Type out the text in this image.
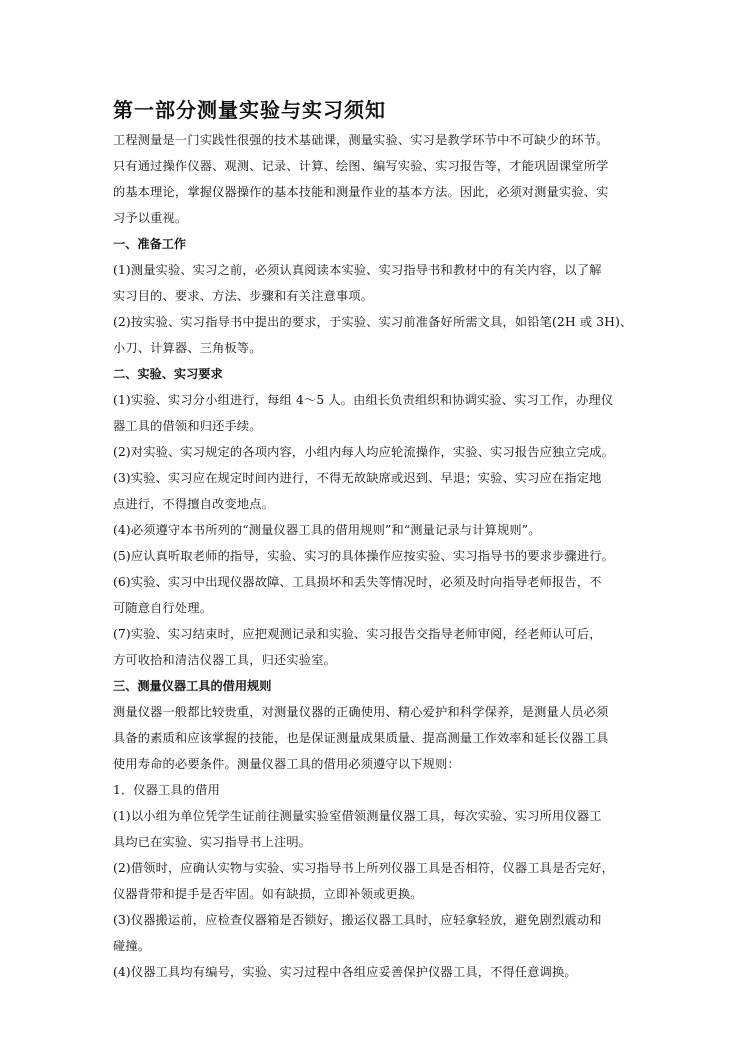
第一部分测量实验与实习须知
工程测量是一门实践性很强的技术基础课，测量实验、实习是教学环节中不可缺少的环节。
只有通过操作仪器、观测、记录、计算、绘图、编写实验、实习报告等，才能巩固课堂所学
的基本理论，掌握仪器操作的基本技能和测量作业的基本方法。因此，必须对测量实验、实
习予以重视。
一、准备工作
(1)测量实验、实习之前，必须认真阅读本实验、实习指导书和教材中的有关内容，以了解
实习目的、要求、方法、步骤和有关注意事项。
(2)按实验、实习指导书中提出的要求，于实验、实习前准备好所需文具，如铅笔(2H 或 3H)、
小刀、计算器、三角板等。
二、实验、实习要求
(1)实验、实习分小组进行，每组 4～5 人。由组长负责组织和协调实验、实习工作，办理仪
器工具的借领和归还手续。
(2)对实验、实习规定的各项内容，小组内每人均应轮流操作，实验、实习报告应独立完成。
(3)实验、实习应在规定时间内进行，不得无故缺席或迟到、早退；实验、实习应在指定地
点进行，不得擅自改变地点。
(4)必须遵守本书所列的“测量仪器工具的借用规则”和“测量记录与计算规则”。
(5)应认真听取老师的指导，实验、实习的具体操作应按实验、实习指导书的要求步骤进行。
(6)实验、实习中出现仪器故障、工具损坏和丢失等情况时，必须及时向指导老师报告，不
可随意自行处理。
(7)实验、实习结束时，应把观测记录和实验、实习报告交指导老师审阅，经老师认可后，
方可收拾和清洁仪器工具，归还实验室。
三、测量仪器工具的借用规则
测量仪器一般都比较贵重，对测量仪器的正确使用、精心爱护和科学保养，是测量人员必须
具备的素质和应该掌握的技能，也是保证测量成果质量、提高测量工作效率和延长仪器工具
使用寿命的必要条件。测量仪器工具的借用必须遵守以下规则：
1．仪器工具的借用
(1)以小组为单位凭学生证前往测量实验室借领测量仪器工具，每次实验、实习所用仪器工
具均已在实验、实习指导书上注明。
(2)借领时，应确认实物与实验、实习指导书上所列仪器工具是否相符，仪器工具是否完好，
仪器背带和提手是否牢固。如有缺损，立即补领或更换。
(3)仪器搬运前，应检查仪器箱是否锁好，搬运仪器工具时，应轻拿轻放，避免剧烈震动和
碰撞。
(4)仪器工具均有编号，实验、实习过程中各组应妥善保护仪器工具，不得任意调换。
